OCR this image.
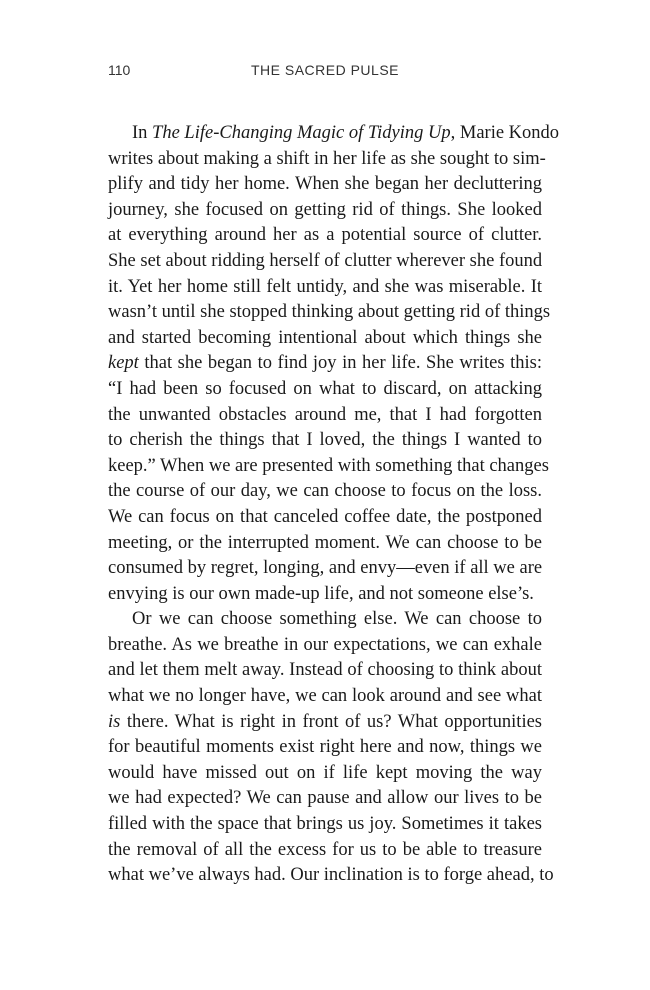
110	THE SACRED PULSE
In The Life-Changing Magic of Tidying Up, Marie Kondo
writes about making a shift in her life as she sought to sim-
plify and tidy her home. When she began her decluttering
journey, she focused on getting rid of things. She looked
at everything around her as a potential source of clutter.
She set about ridding herself of clutter wherever she found
it. Yet her home still felt untidy, and she was miserable. It
wasn’t until she stopped thinking about getting rid of things
and started becoming intentional about which things she
kept that she began to find joy in her life. She writes this:
“I had been so focused on what to discard, on attacking
the unwanted obstacles around me, that I had forgotten
to cherish the things that I loved, the things I wanted to
keep.” When we are presented with something that changes
the course of our day, we can choose to focus on the loss.
We can focus on that canceled coffee date, the postponed
meeting, or the interrupted moment. We can choose to be
consumed by regret, longing, and envy—even if all we are
envying is our own made-up life, and not someone else’s.
Or we can choose something else. We can choose to
breathe. As we breathe in our expectations, we can exhale
and let them melt away. Instead of choosing to think about
what we no longer have, we can look around and see what
is there. What is right in front of us? What opportunities
for beautiful moments exist right here and now, things we
would have missed out on if life kept moving the way
we had expected? We can pause and allow our lives to be
filled with the space that brings us joy. Sometimes it takes
the removal of all the excess for us to be able to treasure
what we’ve always had. Our inclination is to forge ahead, to
